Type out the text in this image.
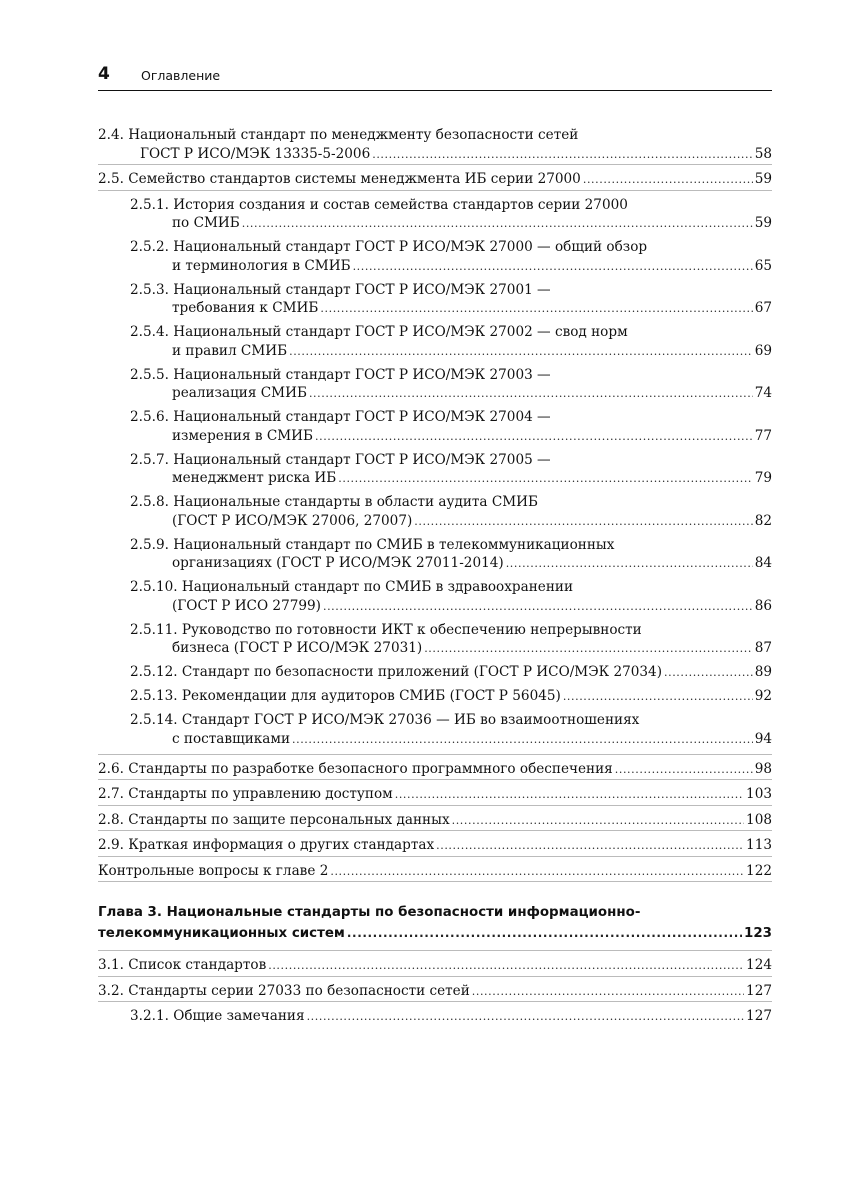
4 Оглавление
2.4. Национальный стандарт по менеджменту безопасности сетей
ГОСТ Р ИСО/МЭК 13335-5-2006 .....	58
2.5. Семейство стандартов системы менеджмента ИБ серии 27000 .....	59
2.5.1. История создания и состав семейства стандартов серии 27000
по СМИБ .....	59
2.5.2. Национальный стандарт ГОСТ Р ИСО/МЭК 27000 — общий обзор
и терминология в СМИБ .....	65
2.5.3. Национальный стандарт ГОСТ Р ИСО/МЭК 27001 —
требования к СМИБ .....	67
2.5.4. Национальный стандарт ГОСТ Р ИСО/МЭК 27002 — свод норм
и правил СМИБ .....	69
2.5.5. Национальный стандарт ГОСТ Р ИСО/МЭК 27003 —
реализация СМИБ .....	74
2.5.6. Национальный стандарт ГОСТ Р ИСО/МЭК 27004 —
измерения в СМИБ .....	77
2.5.7. Национальный стандарт ГОСТ Р ИСО/МЭК 27005 —
менеджмент риска ИБ .....	79
2.5.8. Национальные стандарты в области аудита СМИБ
(ГОСТ Р ИСО/МЭК 27006, 27007) .....	82
2.5.9. Национальный стандарт по СМИБ в телекоммуникационных
организациях (ГОСТ Р ИСО/МЭК 27011-2014) .....	84
2.5.10. Национальный стандарт по СМИБ в здравоохранении
(ГОСТ Р ИСО 27799) .....	86
2.5.11. Руководство по готовности ИКТ к обеспечению непрерывности
бизнеса (ГОСТ Р ИСО/МЭК 27031) .....	87
2.5.12. Стандарт по безопасности приложений (ГОСТ Р ИСО/МЭК 27034) .....	89
2.5.13. Рекомендации для аудиторов СМИБ (ГОСТ Р 56045) .....	92
2.5.14. Стандарт ГОСТ Р ИСО/МЭК 27036 — ИБ во взаимоотношениях
с поставщиками .....	94
2.6. Стандарты по разработке безопасного программного обеспечения .....	98
2.7. Стандарты по управлению доступом .....	103
2.8. Стандарты по защите персональных данных .....	108
2.9. Краткая информация о других стандартах .....	113
Контрольные вопросы к главе 2 .....	122
Глава 3. Национальные стандарты по безопасности информационно-
телекоммуникационных систем .....	123
3.1. Список стандартов .....	124
3.2. Стандарты серии 27033 по безопасности сетей .....	127
3.2.1. Общие замечания .....	127
